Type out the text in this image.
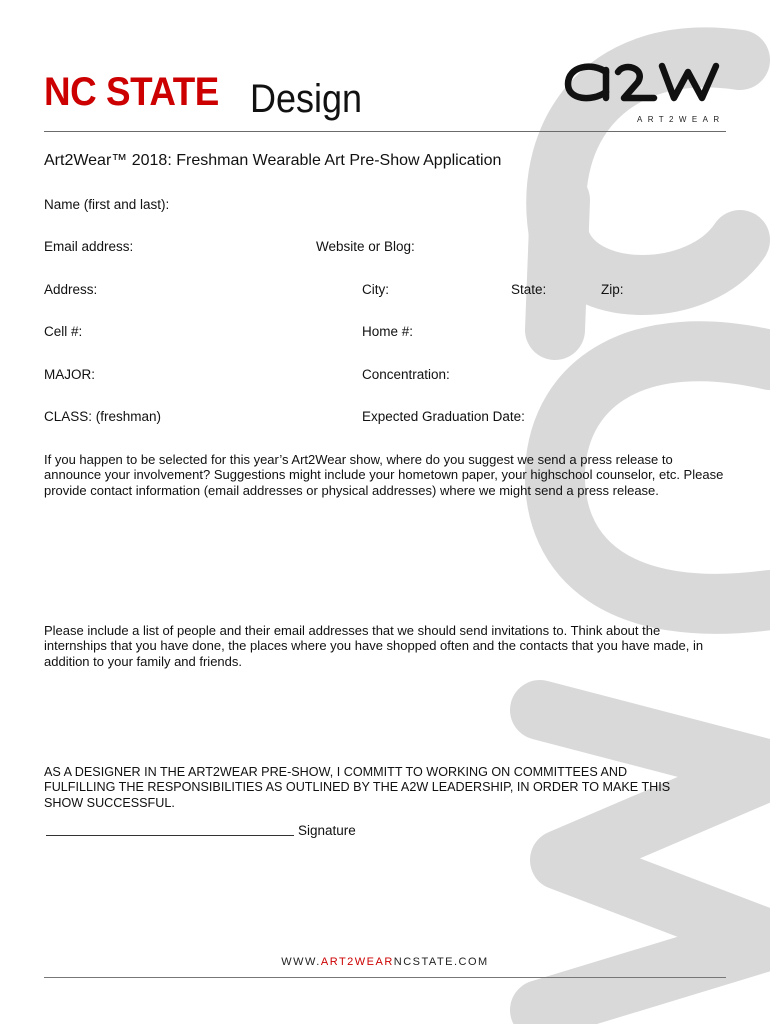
NC STATE Design	ART2WEAR
Art2Wear™ 2018: Freshman Wearable Art Pre-Show Application
Name (first and last):
Email address:	Website or Blog:
Address:	City:	State:	Zip:
Cell #:	Home #:
MAJOR:	Concentration:
CLASS: (freshman)	Expected Graduation Date:
If you happen to be selected for this year’s Art2Wear show, where do you suggest we send a press release to announce your involvement? Suggestions might include your hometown paper, your highschool counselor, etc. Please provide contact information (email addresses or physical addresses) where we might send a press release.
Please include a list of people and their email addresses that we should send invitations to. Think about the internships that you have done, the places where you have shopped often and the contacts that you have made, in addition to your family and friends.
AS A DESIGNER IN THE ART2WEAR PRE-SHOW, I COMMITT TO WORKING ON COMMITTEES AND FULFILLING THE RESPONSIBILITIES AS OUTLINED BY THE A2W LEADERSHIP, IN ORDER TO MAKE THIS SHOW SUCCESSFUL.
Signature
WWW.ART2WEARNCSTATE.COM
